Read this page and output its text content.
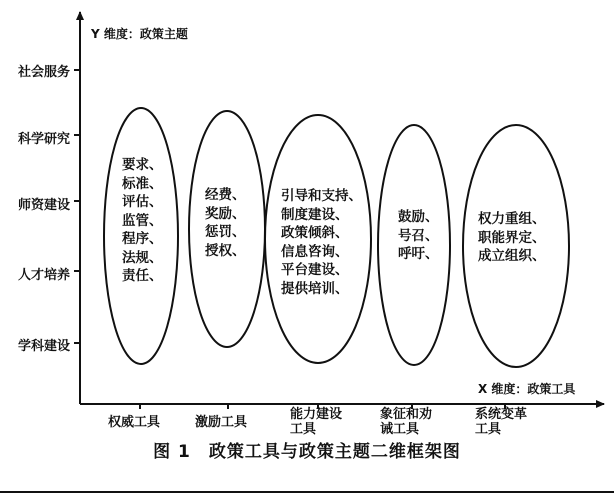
Y 维度：政策主题
X 维度：政策工具
社会服务
科学研究
师资建设
人才培养
学科建设
权威工具	激励工具
能力建设
工具
象征和劝
诫工具
系统变革
工具
要求、
标准、
评估、
监管、
程序、
法规、
责任、
经费、
奖励、
惩罚、
授权、
引导和支持、
制度建设、
政策倾斜、
信息咨询、
平台建设、
提供培训、
鼓励、
号召、
呼吁、
权力重组、
职能界定、
成立组织、
图 1　政策工具与政策主题二维框架图
